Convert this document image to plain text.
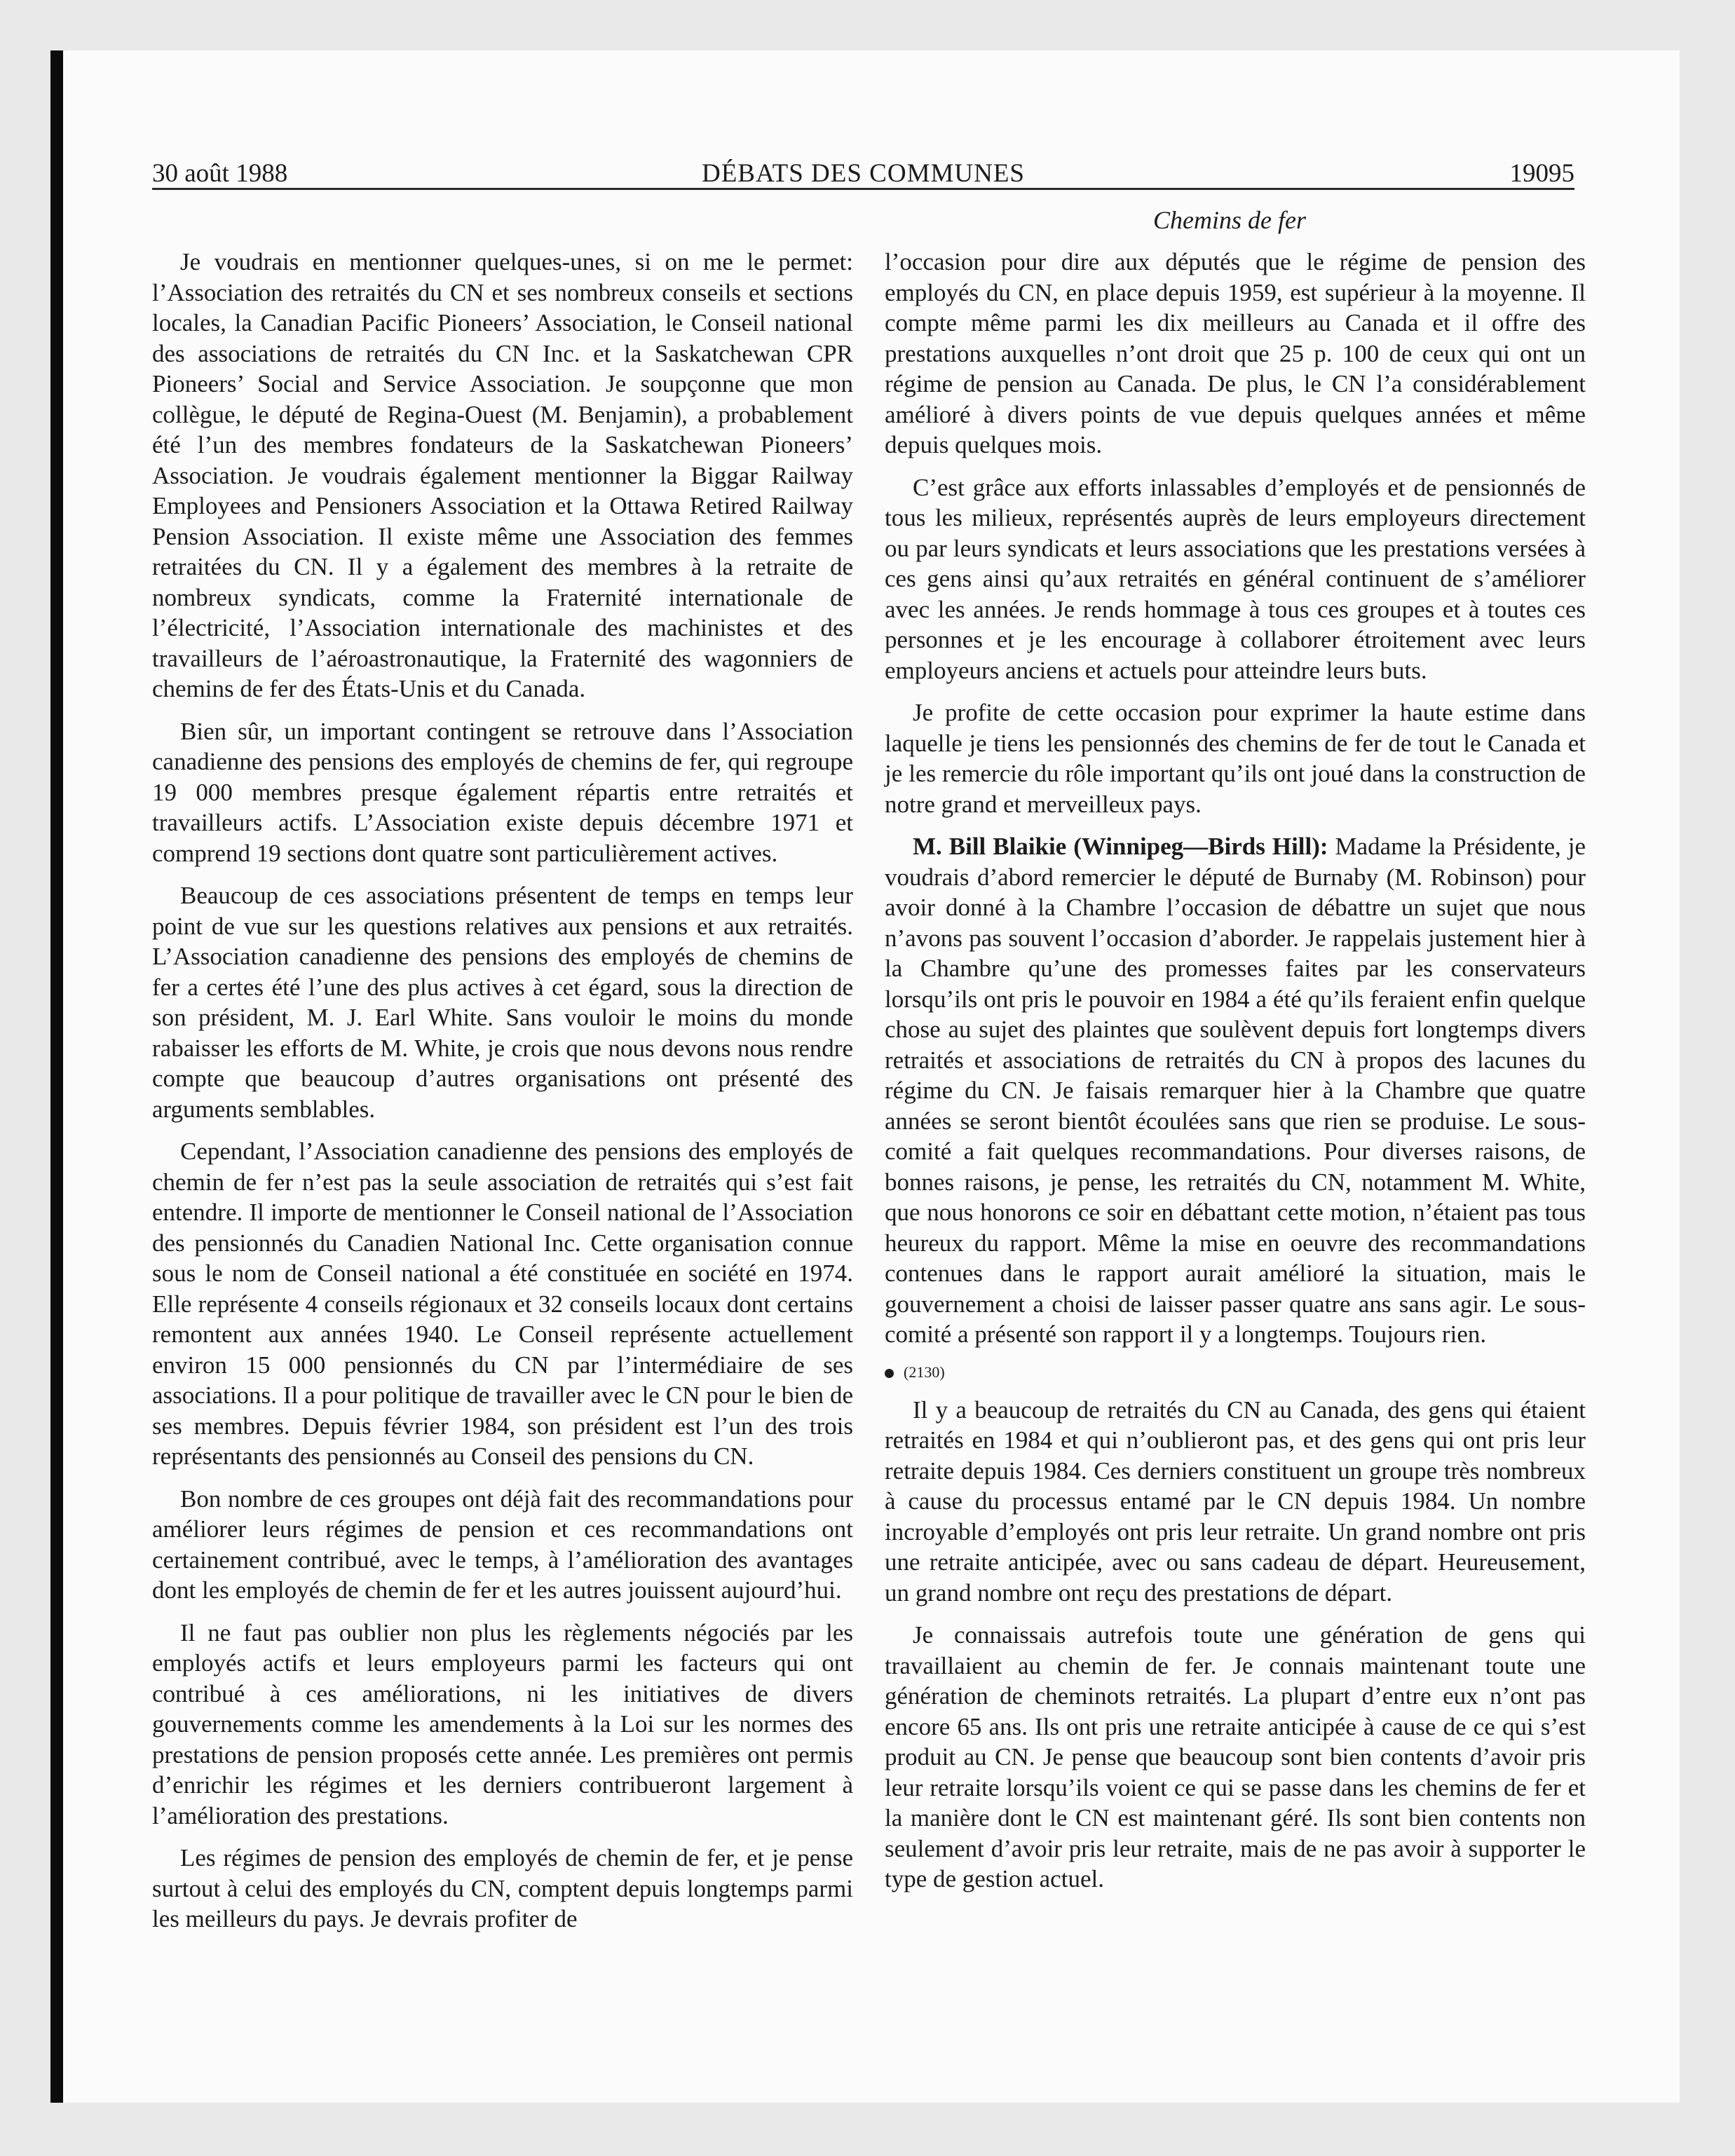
30 août 1988	DÉBATS DES COMMUNES	19095
Chemins de fer

Je voudrais en mentionner quelques-unes, si on me le permet: l’Association des retraités du CN et ses nombreux conseils et sections locales, la Canadian Pacific Pioneers’ Association, le Conseil national des associations de retraités du CN Inc. et la Saskatchewan CPR Pioneers’ Social and Service Association. Je soupçonne que mon collègue, le député de Regina-Ouest (M. Benjamin), a probablement été l’un des membres fondateurs de la Saskatchewan Pioneers’ Association. Je voudrais également mentionner la Biggar Railway Employees and Pensioners Association et la Ottawa Retired Railway Pension Association. Il existe même une Association des femmes retraitées du CN. Il y a également des membres à la retraite de nombreux syndicats, comme la Fraternité internationale de l’électricité, l’Association internationale des machinistes et des travailleurs de l’aéroastronautique, la Fraternité des wagonniers de chemins de fer des États-Unis et du Canada.

Bien sûr, un important contingent se retrouve dans l’Association canadienne des pensions des employés de chemins de fer, qui regroupe 19 000 membres presque également répartis entre retraités et travailleurs actifs. L’Association existe depuis décembre 1971 et comprend 19 sections dont quatre sont particulièrement actives.

Beaucoup de ces associations présentent de temps en temps leur point de vue sur les questions relatives aux pensions et aux retraités. L’Association canadienne des pensions des employés de chemins de fer a certes été l’une des plus actives à cet égard, sous la direction de son président, M. J. Earl White. Sans vouloir le moins du monde rabaisser les efforts de M. White, je crois que nous devons nous rendre compte que beaucoup d’autres organisations ont présenté des arguments semblables.

Cependant, l’Association canadienne des pensions des employés de chemin de fer n’est pas la seule association de retraités qui s’est fait entendre. Il importe de mentionner le Conseil national de l’Association des pensionnés du Canadien National Inc. Cette organisation connue sous le nom de Conseil national a été constituée en société en 1974. Elle représente 4 conseils régionaux et 32 conseils locaux dont certains remontent aux années 1940. Le Conseil représente actuellement environ 15 000 pensionnés du CN par l’intermédiaire de ses associations. Il a pour politique de travailler avec le CN pour le bien de ses membres. Depuis février 1984, son président est l’un des trois représentants des pensionnés au Conseil des pensions du CN.

Bon nombre de ces groupes ont déjà fait des recommandations pour améliorer leurs régimes de pension et ces recommandations ont certainement contribué, avec le temps, à l’amélioration des avantages dont les employés de chemin de fer et les autres jouissent aujourd’hui.

Il ne faut pas oublier non plus les règlements négociés par les employés actifs et leurs employeurs parmi les facteurs qui ont contribué à ces améliorations, ni les initiatives de divers gouvernements comme les amendements à la Loi sur les normes des prestations de pension proposés cette année. Les premières ont permis d’enrichir les régimes et les derniers contribueront largement à l’amélioration des prestations.

Les régimes de pension des employés de chemin de fer, et je pense surtout à celui des employés du CN, comptent depuis longtemps parmi les meilleurs du pays. Je devrais profiter de

l’occasion pour dire aux députés que le régime de pension des employés du CN, en place depuis 1959, est supérieur à la moyenne. Il compte même parmi les dix meilleurs au Canada et il offre des prestations auxquelles n’ont droit que 25 p. 100 de ceux qui ont un régime de pension au Canada. De plus, le CN l’a considérablement amélioré à divers points de vue depuis quelques années et même depuis quelques mois.

C’est grâce aux efforts inlassables d’employés et de pensionnés de tous les milieux, représentés auprès de leurs employeurs directement ou par leurs syndicats et leurs associations que les prestations versées à ces gens ainsi qu’aux retraités en général continuent de s’améliorer avec les années. Je rends hommage à tous ces groupes et à toutes ces personnes et je les encourage à collaborer étroitement avec leurs employeurs anciens et actuels pour atteindre leurs buts.

Je profite de cette occasion pour exprimer la haute estime dans laquelle je tiens les pensionnés des chemins de fer de tout le Canada et je les remercie du rôle important qu’ils ont joué dans la construction de notre grand et merveilleux pays.

M. Bill Blaikie (Winnipeg—Birds Hill): Madame la Présidente, je voudrais d’abord remercier le député de Burnaby (M. Robinson) pour avoir donné à la Chambre l’occasion de débattre un sujet que nous n’avons pas souvent l’occasion d’aborder. Je rappelais justement hier à la Chambre qu’une des promesses faites par les conservateurs lorsqu’ils ont pris le pouvoir en 1984 a été qu’ils feraient enfin quelque chose au sujet des plaintes que soulèvent depuis fort longtemps divers retraités et associations de retraités du CN à propos des lacunes du régime du CN. Je faisais remarquer hier à la Chambre que quatre années se seront bientôt écoulées sans que rien se produise. Le sous-comité a fait quelques recommandations. Pour diverses raisons, de bonnes raisons, je pense, les retraités du CN, notamment M. White, que nous honorons ce soir en débattant cette motion, n’étaient pas tous heureux du rapport. Même la mise en oeuvre des recommandations contenues dans le rapport aurait amélioré la situation, mais le gouvernement a choisi de laisser passer quatre ans sans agir. Le sous-comité a présenté son rapport il y a longtemps. Toujours rien.

(2130)

Il y a beaucoup de retraités du CN au Canada, des gens qui étaient retraités en 1984 et qui n’oublieront pas, et des gens qui ont pris leur retraite depuis 1984. Ces derniers constituent un groupe très nombreux à cause du processus entamé par le CN depuis 1984. Un nombre incroyable d’employés ont pris leur retraite. Un grand nombre ont pris une retraite anticipée, avec ou sans cadeau de départ. Heureusement, un grand nombre ont reçu des prestations de départ.

Je connaissais autrefois toute une génération de gens qui travaillaient au chemin de fer. Je connais maintenant toute une génération de cheminots retraités. La plupart d’entre eux n’ont pas encore 65 ans. Ils ont pris une retraite anticipée à cause de ce qui s’est produit au CN. Je pense que beaucoup sont bien contents d’avoir pris leur retraite lorsqu’ils voient ce qui se passe dans les chemins de fer et la manière dont le CN est maintenant géré. Ils sont bien contents non seulement d’avoir pris leur retraite, mais de ne pas avoir à supporter le type de gestion actuel.
